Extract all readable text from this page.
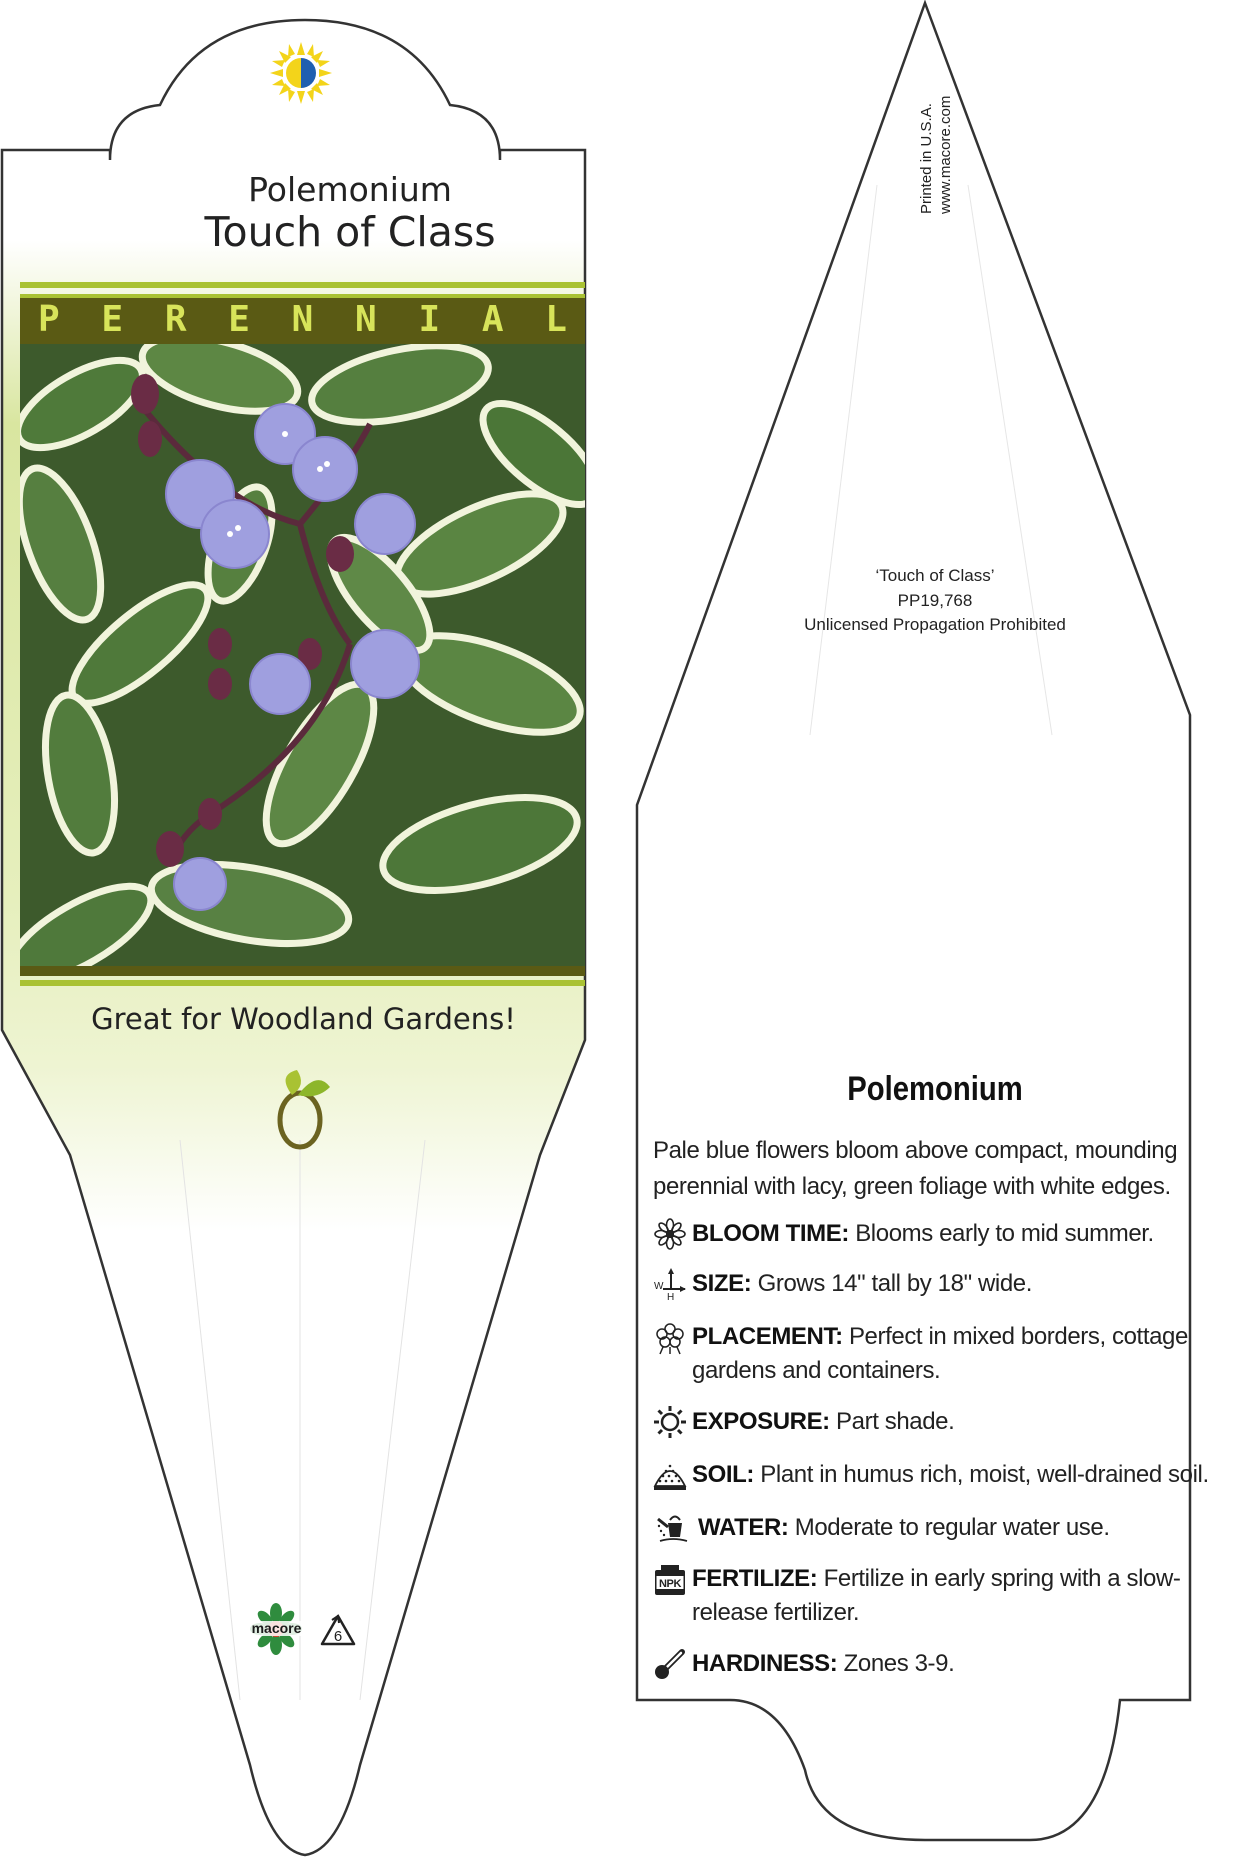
Polemonium
Touch of Class
P E R E N N I A L
Great for Woodland Gardens!
macore 6
Printed in U.S.A. www.macore.com
‘Touch of Class’
PP19,768
Unlicensed Propagation Prohibited
Polemonium
Pale blue flowers bloom above compact, mounding perennial with lacy, green foliage with white edges.
BLOOM TIME: Blooms early to mid summer.
W
H
SIZE: Grows 14" tall by 18" wide.
PLACEMENT: Perfect in mixed borders, cottage gardens and containers.
EXPOSURE: Part shade.
SOIL: Plant in humus rich, moist, well-drained soil.
WATER: Moderate to regular water use.
NPK FERTILIZE: Fertilize in early spring with a slow-release fertilizer.
HARDINESS: Zones 3-9.
